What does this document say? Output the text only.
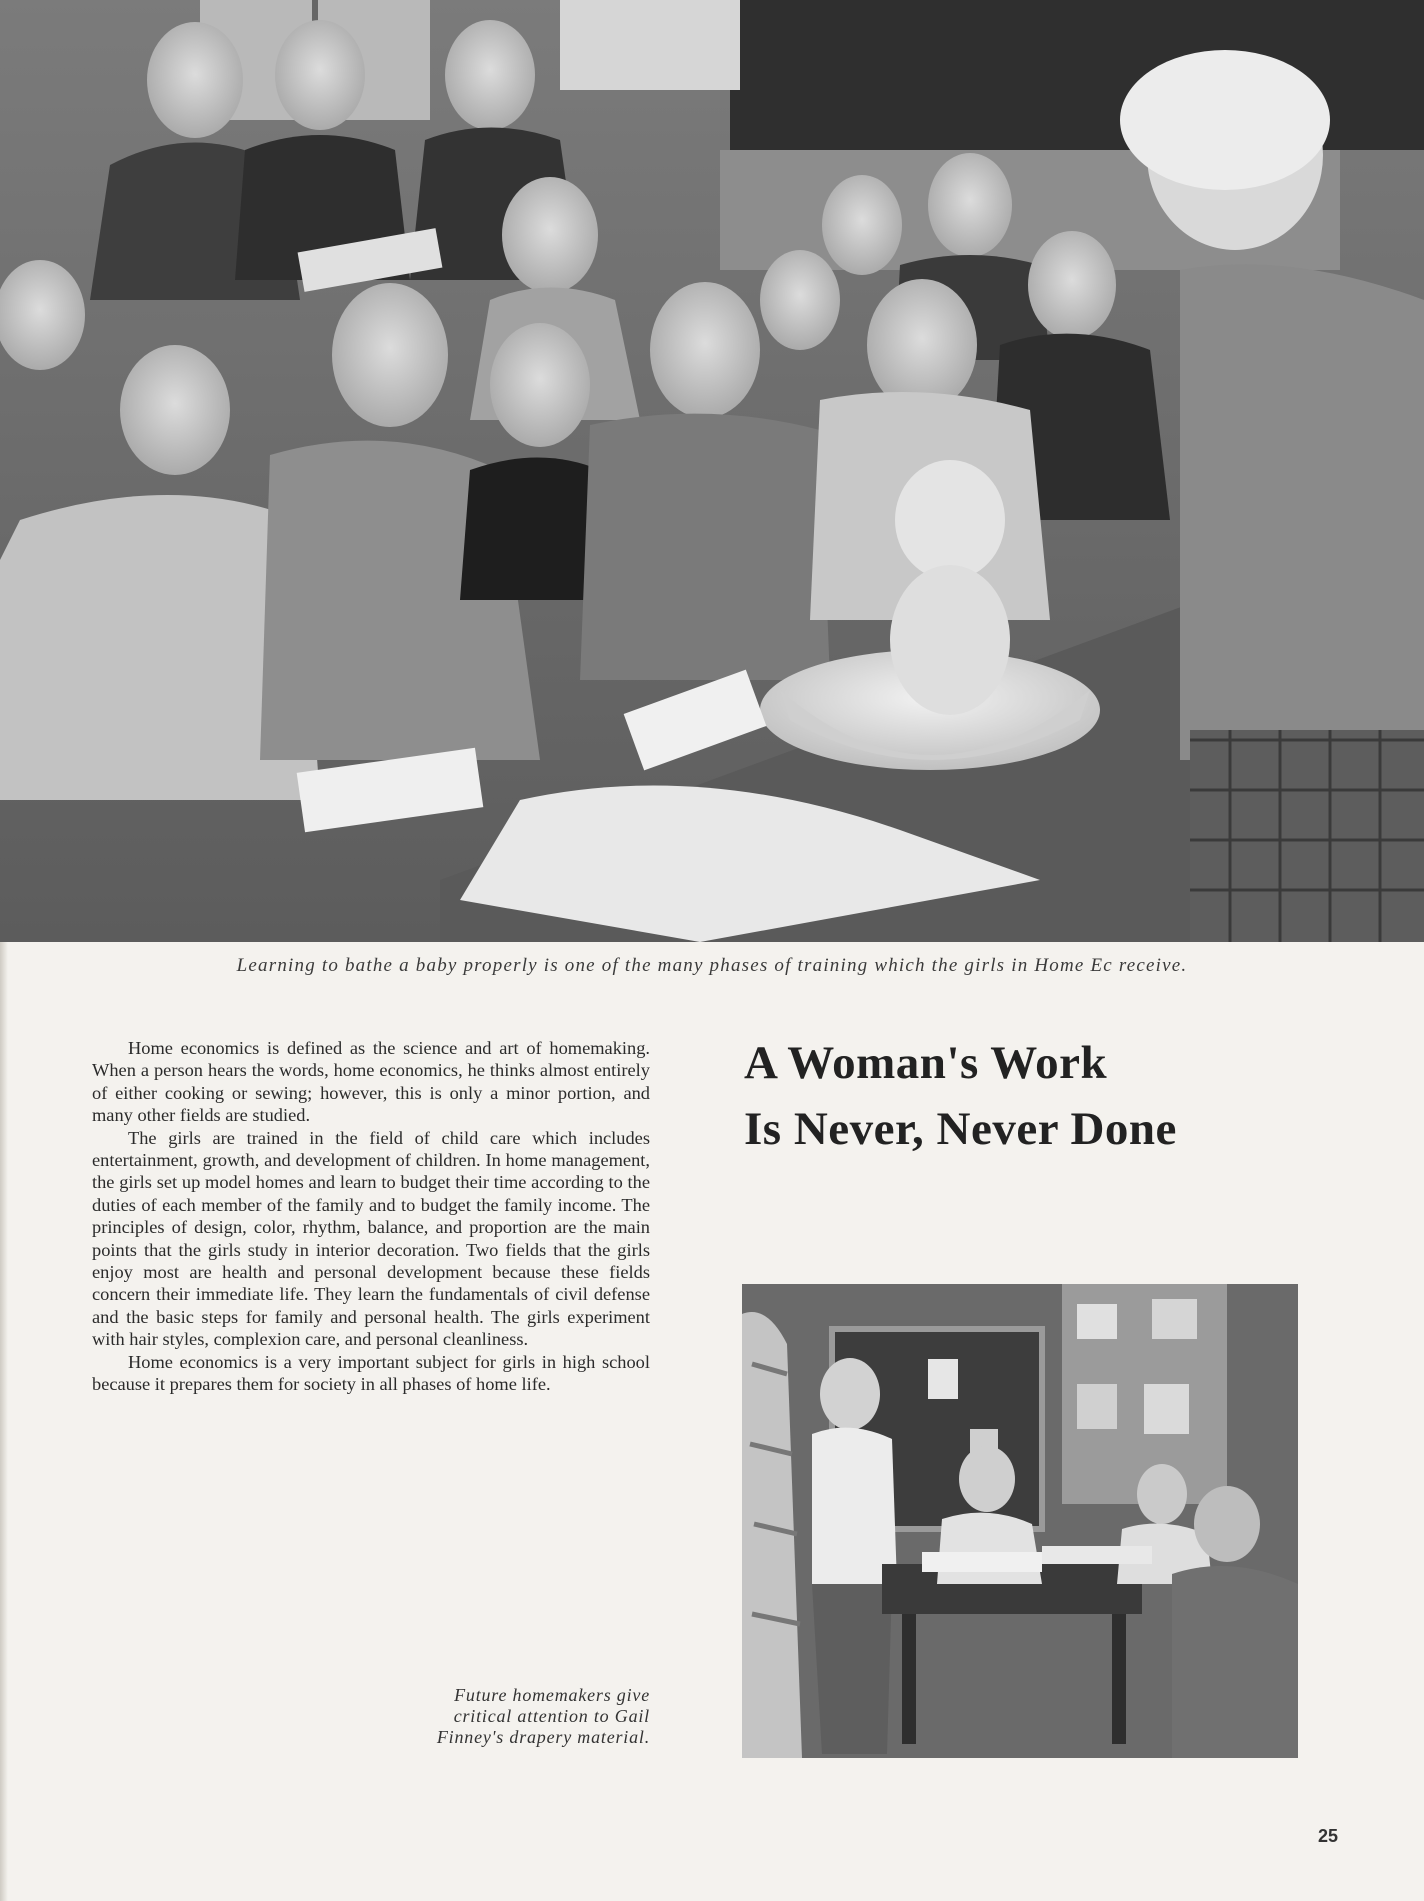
Learning to bathe a baby properly is one of the many phases of training which the girls in Home Ec receive.

Home economics is defined as the science and art of homemaking. When a person hears the words, home economics, he thinks almost entirely of either cooking or sewing; however, this is only a minor portion, and many other fields are studied.

The girls are trained in the field of child care which includes entertainment, growth, and development of children. In home management, the girls set up model homes and learn to budget their time according to the duties of each member of the family and to budget the family income. The principles of design, color, rhythm, balance, and proportion are the main points that the girls study in interior decoration. Two fields that the girls enjoy most are health and personal development because these fields concern their immediate life. They learn the fundamentals of civil defense and the basic steps for family and personal health. The girls experiment with hair styles, complexion care, and personal cleanliness.

Home economics is a very important subject for girls in high school because it prepares them for society in all phases of home life.

A Woman's Work
Is Never, Never Done
Future homemakers give
critical attention to Gail
Finney's drapery material.
25
